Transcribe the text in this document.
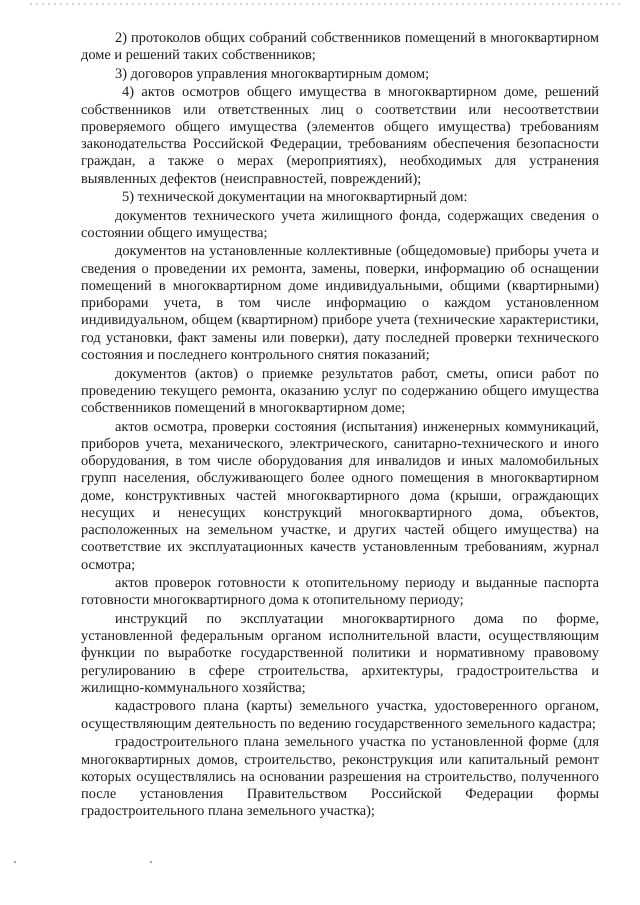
2) протоколов общих собраний собственников помещений в многоквартирном доме и решений таких собственников;

3) договоров управления многоквартирным домом;

4) актов осмотров общего имущества в многоквартирном доме, решений собственников или ответственных лиц о соответствии или несоответствии проверяемого общего имущества (элементов общего имущества) требованиям законодательства Российской Федерации, требованиям обеспечения безопасности граждан, а также о мерах (мероприятиях), необходимых для устранения выявленных дефектов (неисправностей, повреждений);

5) технической документации на многоквартирный дом:

документов технического учета жилищного фонда, содержащих сведения о состоянии общего имущества;

документов на установленные коллективные (общедомовые) приборы учета и сведения о проведении их ремонта, замены, поверки, информацию об оснащении помещений в многоквартирном доме индивидуальными, общими (квартирными) приборами учета, в том числе информацию о каждом установленном индивидуальном, общем (квартирном) приборе учета (технические характеристики, год установки, факт замены или поверки), дату последней проверки технического состояния и последнего контрольного снятия показаний;

документов (актов) о приемке результатов работ, сметы, описи работ по проведению текущего ремонта, оказанию услуг по содержанию общего имущества собственников помещений в многоквартирном доме;

актов осмотра, проверки состояния (испытания) инженерных коммуникаций, приборов учета, механического, электрического, санитарно-технического и иного оборудования, в том числе оборудования для инвалидов и иных маломобильных групп населения, обслуживающего более одного помещения в многоквартирном доме, конструктивных частей многоквартирного дома (крыши, ограждающих несущих и ненесущих конструкций многоквартирного дома, объектов, расположенных на земельном участке, и других частей общего имущества) на соответствие их эксплуатационных качеств установленным требованиям, журнал осмотра;

актов проверок готовности к отопительному периоду и выданные паспорта готовности многоквартирного дома к отопительному периоду;

инструкций по эксплуатации многоквартирного дома по форме, установленной федеральным органом исполнительной власти, осуществляющим функции по выработке государственной политики и нормативному правовому регулированию в сфере строительства, архитектуры, градостроительства и жилищно-коммунального хозяйства;

кадастрового плана (карты) земельного участка, удостоверенного органом, осуществляющим деятельность по ведению государственного земельного кадастра;

градостроительного плана земельного участка по установленной форме (для многоквартирных домов, строительство, реконструкция или капитальный ремонт которых осуществлялись на основании разрешения на строительство, полученного после установления Правительством Российской Федерации формы градостроительного плана земельного участка);
